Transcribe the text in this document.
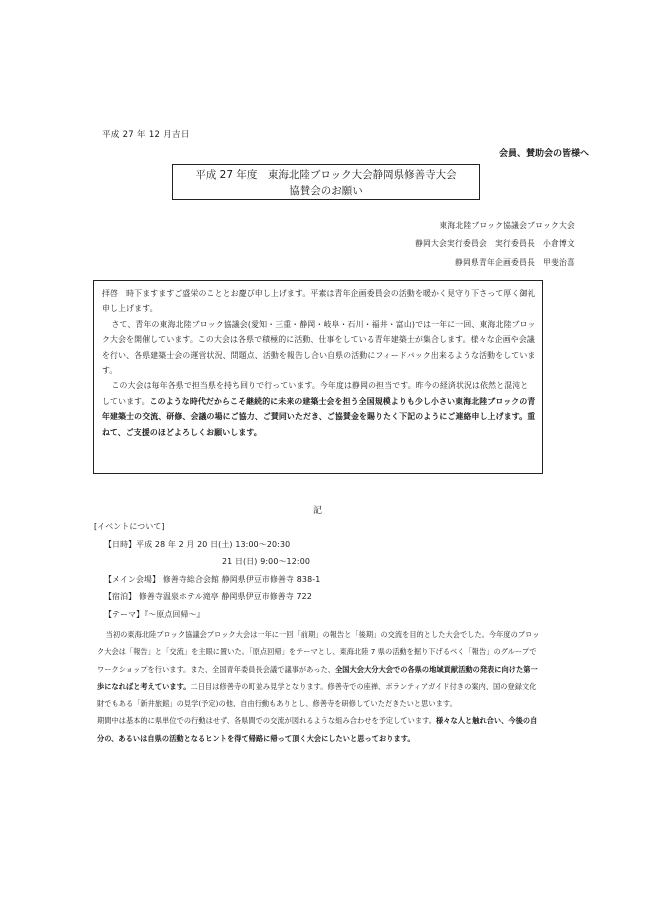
平成 27 年 12 月吉日
会員、賛助会の皆様へ
平成 27 年度　東海北陸ブロック大会静岡県修善寺大会
協賛会のお願い
東海北陸ブロック協議会ブロック大会
静岡大会実行委員会　実行委員長　小倉博文
静岡県青年企画委員長　甲斐治喜

拝啓　時下ますますご盛栄のこととお慶び申し上げます。平素は青年企画委員会の活動を暖かく見守り下さって厚く御礼申し上げます。

さて、青年の東海北陸ブロック協議会(愛知・三重・静岡・岐阜・石川・福井・富山)では一年に一回、東海北陸ブロック大会を開催しています。この大会は各県で積極的に活動、仕事をしている青年建築士が集合します。様々な企画や会議を行い、各県建築士会の運営状況、問題点、活動を報告し合い自県の活動にフィードバック出来るような活動をしています。

この大会は毎年各県で担当県を持ち回りで行っています。今年度は静岡の担当です。昨今の経済状況は依然と混沌としています。このような時代だからこそ継続的に未来の建築士会を担う全国規模よりも少し小さい東海北陸ブロックの青年建築士の交流、研修、会議の場にご協力、ご賛同いただき、ご協賛金を賜りたく下記のようにご連絡申し上げます。重ねて、ご支援のほどよろしくお願いします。

記
[イベントについて]
【日時】平成 28 年 2 月 20 日(土) 13:00～20:30
21 日(日) 9:00～12:00
【メイン会場】 修善寺総合会館 静岡県伊豆市修善寺 838-1
【宿泊】 修善寺温泉ホテル滝亭 静岡県伊豆市修善寺 722
【テーマ】『～原点回帰～』

当初の東海北陸ブロック協議会ブロック大会は一年に一回「前期」の報告と「後期」の交流を目的とした大会でした。今年度のブロック大会は「報告」と「交流」を主眼に置いた。「原点回帰」をテーマとし、東海北陸 7 県の活動を掘り下げるべく「報告」のグループでワークショップを行います。また、全国青年委員長会議で議事があった、全国大会大分大会での各県の地域貢献活動の発表に向けた第一歩になればと考えています。二日目は修善寺の町並み見学となります。修善寺での座禅、ボランティアガイド付きの案内、国の登録文化財でもある「新井旅館」の見学(予定)の他、自由行動もありとし、修善寺を研修していただきたいと思います。

期間中は基本的に県単位での行動はせず、各県間での交流が図れるような組み合わせを予定しています。様々な人と触れ合い、今後の自分の、あるいは自県の活動となるヒントを得て帰路に帰って頂く大会にしたいと思っております。
